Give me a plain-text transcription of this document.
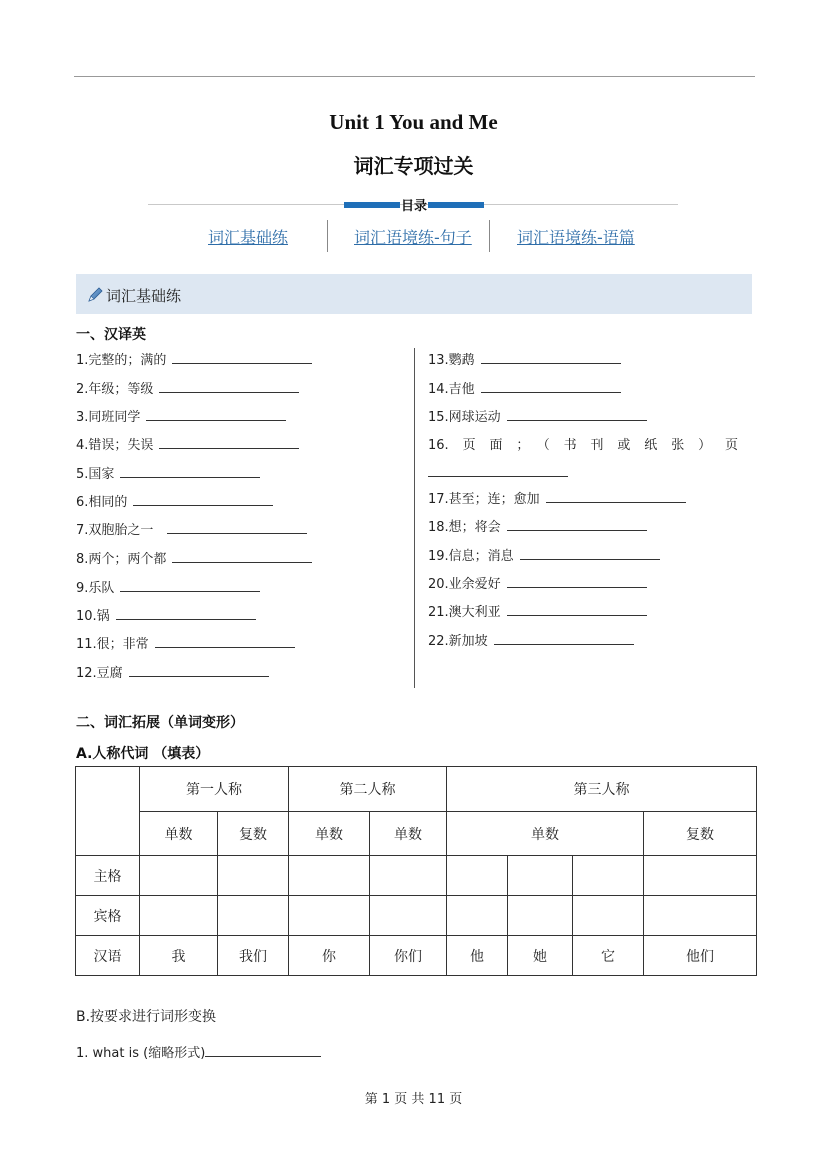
Unit 1 You and Me
词汇专项过关
目录
词汇基础练	词汇语境练-句子	词汇语境练-语篇
词汇基础练
一、汉译英
1.完整的；满的
2.年级；等级
3.同班同学
4.错误；失误
5.国家
6.相同的
7.双胞胎之一
8.两个；两个都
9.乐队
10.锅
11.很；非常
12.豆腐
13.鹦鹉
14.吉他
15.网球运动
16.页面；（书刊或纸张）页
17.甚至；连；愈加
18.想；将会
19.信息；消息
20.业余爱好
21.澳大利亚
22.新加坡
二、词汇拓展（单词变形）
A.人称代词 （填表）
	第一人称		第二人称		第三人称			
	单数	复数	单数	单数	单数			复数
主格								
宾格								
汉语	我	我们	你	你们	他	她	它	他们
B.按要求进行词形变换
1. what is (缩略形式)
第 1 页 共 11 页
